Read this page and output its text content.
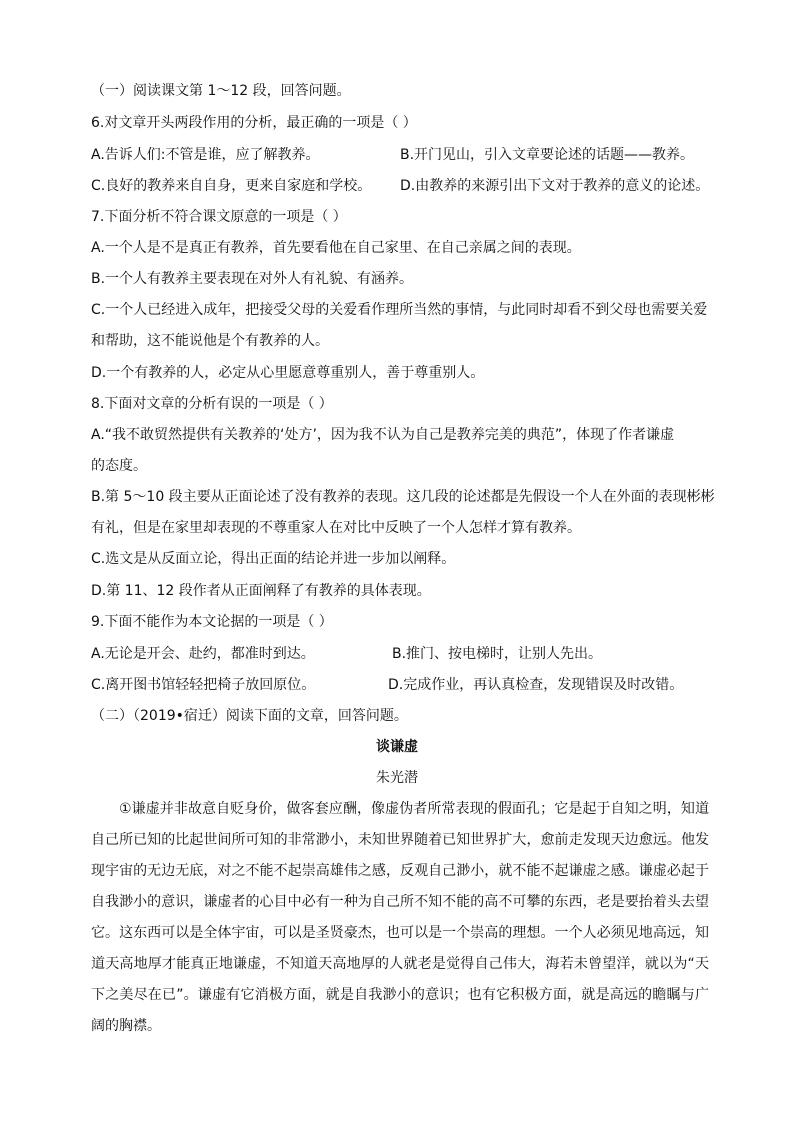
（一）阅读课文第 1～12 段，回答问题。
6.对文章开头两段作用的分析，最正确的一项是（ ）
A.告诉人们:不管是谁，应了解教养。	B.开门见山，引入文章要论述的话题——教养。
C.良好的教养来自自身，更来自家庭和学校。 D.由教养的来源引出下文对于教养的意义的论述。
7.下面分析不符合课文原意的一项是（ ）
A.一个人是不是真正有教养，首先要看他在自己家里、在自己亲属之间的表现。
B.一个人有教养主要表现在对外人有礼貌、有涵养。
C.一个人已经进入成年，把接受父母的关爱看作理所当然的事情，与此同时却看不到父母也需要关爱
和帮助，这不能说他是个有教养的人。
D.一个有教养的人，必定从心里愿意尊重别人，善于尊重别人。
8.下面对文章的分析有误的一项是（ ）
A.“我不敢贸然提供有关教养的‘处方’，因为我不认为自己是教养完美的典范”，体现了作者谦虚
的态度。
B.第 5～10 段主要从正面论述了没有教养的表现。这几段的论述都是先假设一个人在外面的表现彬彬
有礼，但是在家里却表现的不尊重家人在对比中反映了一个人怎样才算有教养。
C.选文是从反面立论，得出正面的结论并进一步加以阐释。
D.第 11、12 段作者从正面阐释了有教养的具体表现。
9.下面不能作为本文论据的一项是（ ）
A.无论是开会、赴约，都准时到达。	B.推门、按电梯时，让别人先出。
C.离开图书馆轻轻把椅子放回原位。	D.完成作业，再认真检查，发现错误及时改错。
（二）（2019•宿迁）阅读下面的文章，回答问题。
谈谦虚
朱光潜
①谦虚并非故意自贬身价，做客套应酬，像虚伪者所常表现的假面孔；它是起于自知之明，知道自己所已知的比起世间所可知的非常渺小，未知世界随着已知世界扩大，愈前走发现天边愈远。他发现宇宙的无边无底，对之不能不起崇高雄伟之感，反观自己渺小，就不能不起谦虚之感。谦虚必起于自我渺小的意识，谦虚者的心目中必有一种为自己所不知不能的高不可攀的东西，老是要抬着头去望它。这东西可以是全体宇宙，可以是圣贤豪杰，也可以是一个崇高的理想。一个人必须见地高远，知道天高地厚才能真正地谦虚，不知道天高地厚的人就老是觉得自己伟大，海若未曾望洋，就以为“天下之美尽在已”。谦虚有它消极方面，就是自我渺小的意识；也有它积极方面，就是高远的瞻瞩与广阔的胸襟。
